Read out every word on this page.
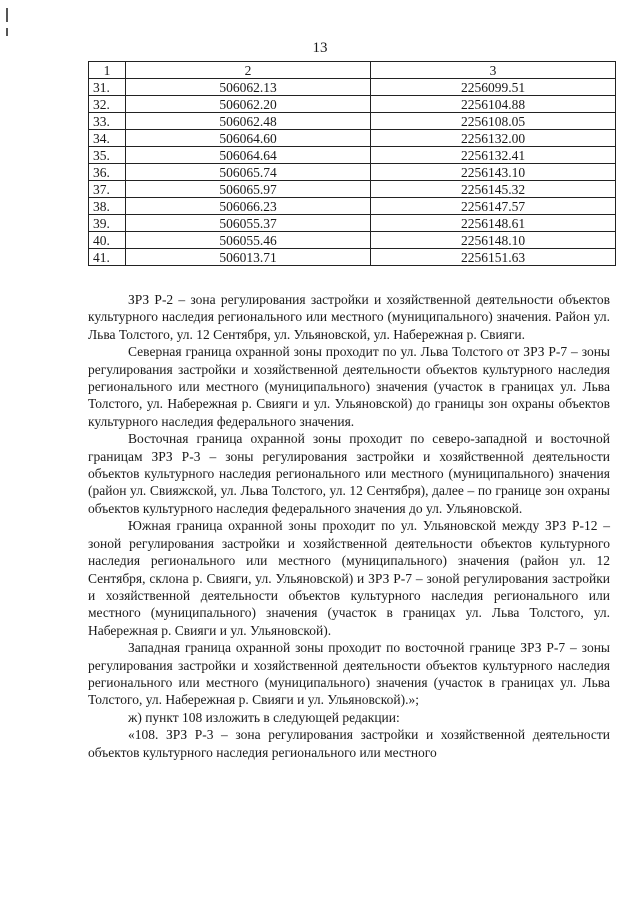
13
1	2	3
31.	506062.13	2256099.51
32.	506062.20	2256104.88
33.	506062.48	2256108.05
34.	506064.60	2256132.00
35.	506064.64	2256132.41
36.	506065.74	2256143.10
37.	506065.97	2256145.32
38.	506066.23	2256147.57
39.	506055.37	2256148.61
40.	506055.46	2256148.10
41.	506013.71	2256151.63

ЗРЗ Р-2 – зона регулирования застройки и хозяйственной деятельности объектов культурного наследия регионального или местного (муниципального) значения. Район ул. Льва Толстого, ул. 12 Сентября, ул. Ульяновской, ул. Набережная р. Свияги.

Северная граница охранной зоны проходит по ул. Льва Толстого от ЗРЗ Р-7 – зоны регулирования застройки и хозяйственной деятельности объектов культурного наследия регионального или местного (муниципального) значения (участок в границах ул. Льва Толстого, ул. Набережная р. Свияги и ул. Ульяновской) до границы зон охраны объектов культурного наследия федерального значения.

Восточная граница охранной зоны проходит по северо-западной и восточной границам ЗРЗ Р-3 – зоны регулирования застройки и хозяйственной деятельности объектов культурного наследия регионального или местного (муниципального) значения (район ул. Свияжской, ул. Льва Толстого, ул. 12 Сентября), далее – по границе зон охраны объектов культурного наследия федерального значения до ул. Ульяновской.

Южная граница охранной зоны проходит по ул. Ульяновской между ЗРЗ Р-12 – зоной регулирования застройки и хозяйственной деятельности объектов культурного наследия регионального или местного (муниципального) значения (район ул. 12 Сентября, склона р. Свияги, ул. Ульяновской) и ЗРЗ Р-7 – зоной регулирования застройки и хозяйственной деятельности объектов культурного наследия регионального или местного (муниципального) значения (участок в границах ул. Льва Толстого, ул. Набережная р. Свияги и ул. Ульяновской).

Западная граница охранной зоны проходит по восточной границе ЗРЗ Р-7 – зоны регулирования застройки и хозяйственной деятельности объектов культурного наследия регионального или местного (муниципального) значения (участок в границах ул. Льва Толстого, ул. Набережная р. Свияги и ул. Ульяновской).»;

ж) пункт 108 изложить в следующей редакции:

«108. ЗРЗ Р-3 – зона регулирования застройки и хозяйственной деятельности объектов культурного наследия регионального или местного
